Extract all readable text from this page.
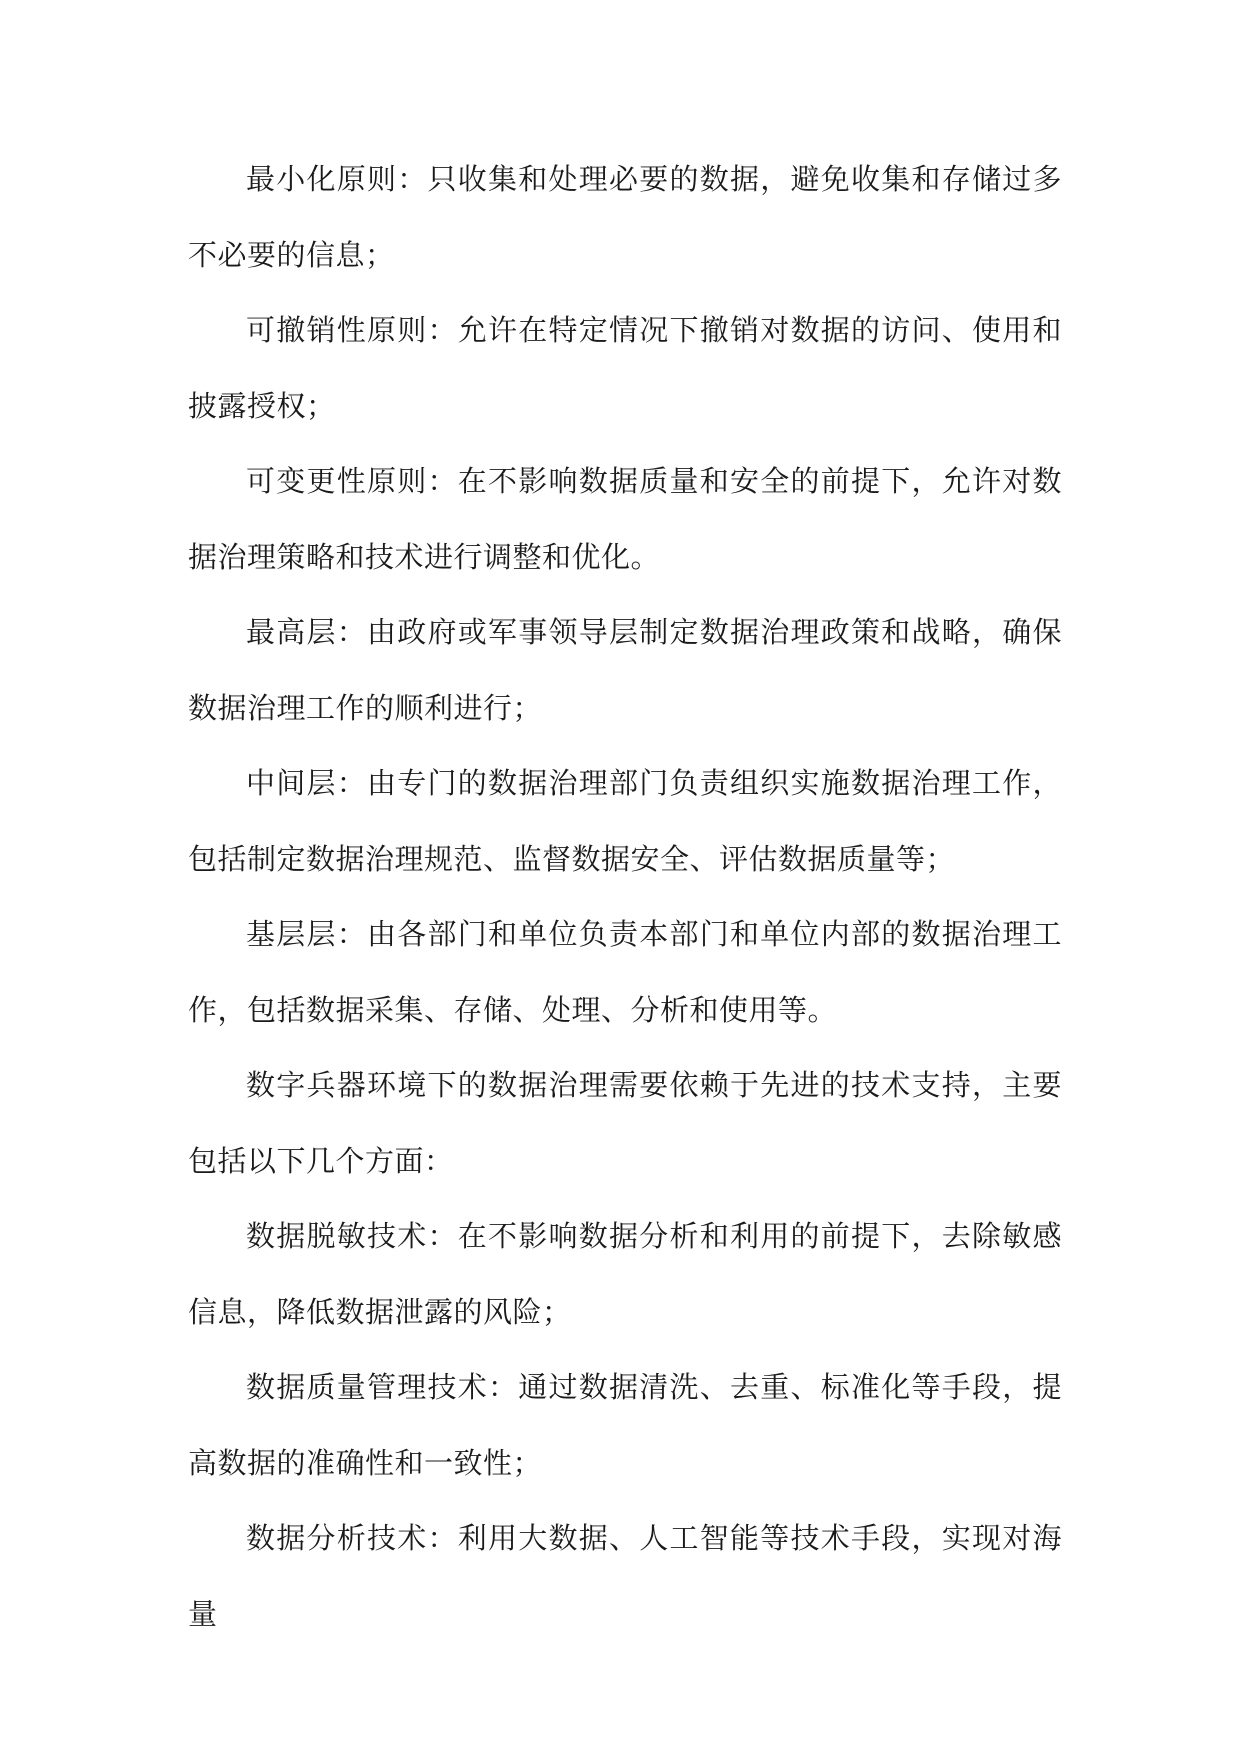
最小化原则：只收集和处理必要的数据，避免收集和存储过多不必要的信息；

可撤销性原则：允许在特定情况下撤销对数据的访问、使用和披露授权；

可变更性原则：在不影响数据质量和安全的前提下，允许对数据治理策略和技术进行调整和优化。

最高层：由政府或军事领导层制定数据治理政策和战略，确保数据治理工作的顺利进行；

中间层：由专门的数据治理部门负责组织实施数据治理工作，包括制定数据治理规范、监督数据安全、评估数据质量等；

基层层：由各部门和单位负责本部门和单位内部的数据治理工作，包括数据采集、存储、处理、分析和使用等。

数字兵器环境下的数据治理需要依赖于先进的技术支持，主要包括以下几个方面：

数据脱敏技术：在不影响数据分析和利用的前提下，去除敏感信息，降低数据泄露的风险；

数据质量管理技术：通过数据清洗、去重、标准化等手段，提高数据的准确性和一致性；

数据分析技术：利用大数据、人工智能等技术手段，实现对海量
